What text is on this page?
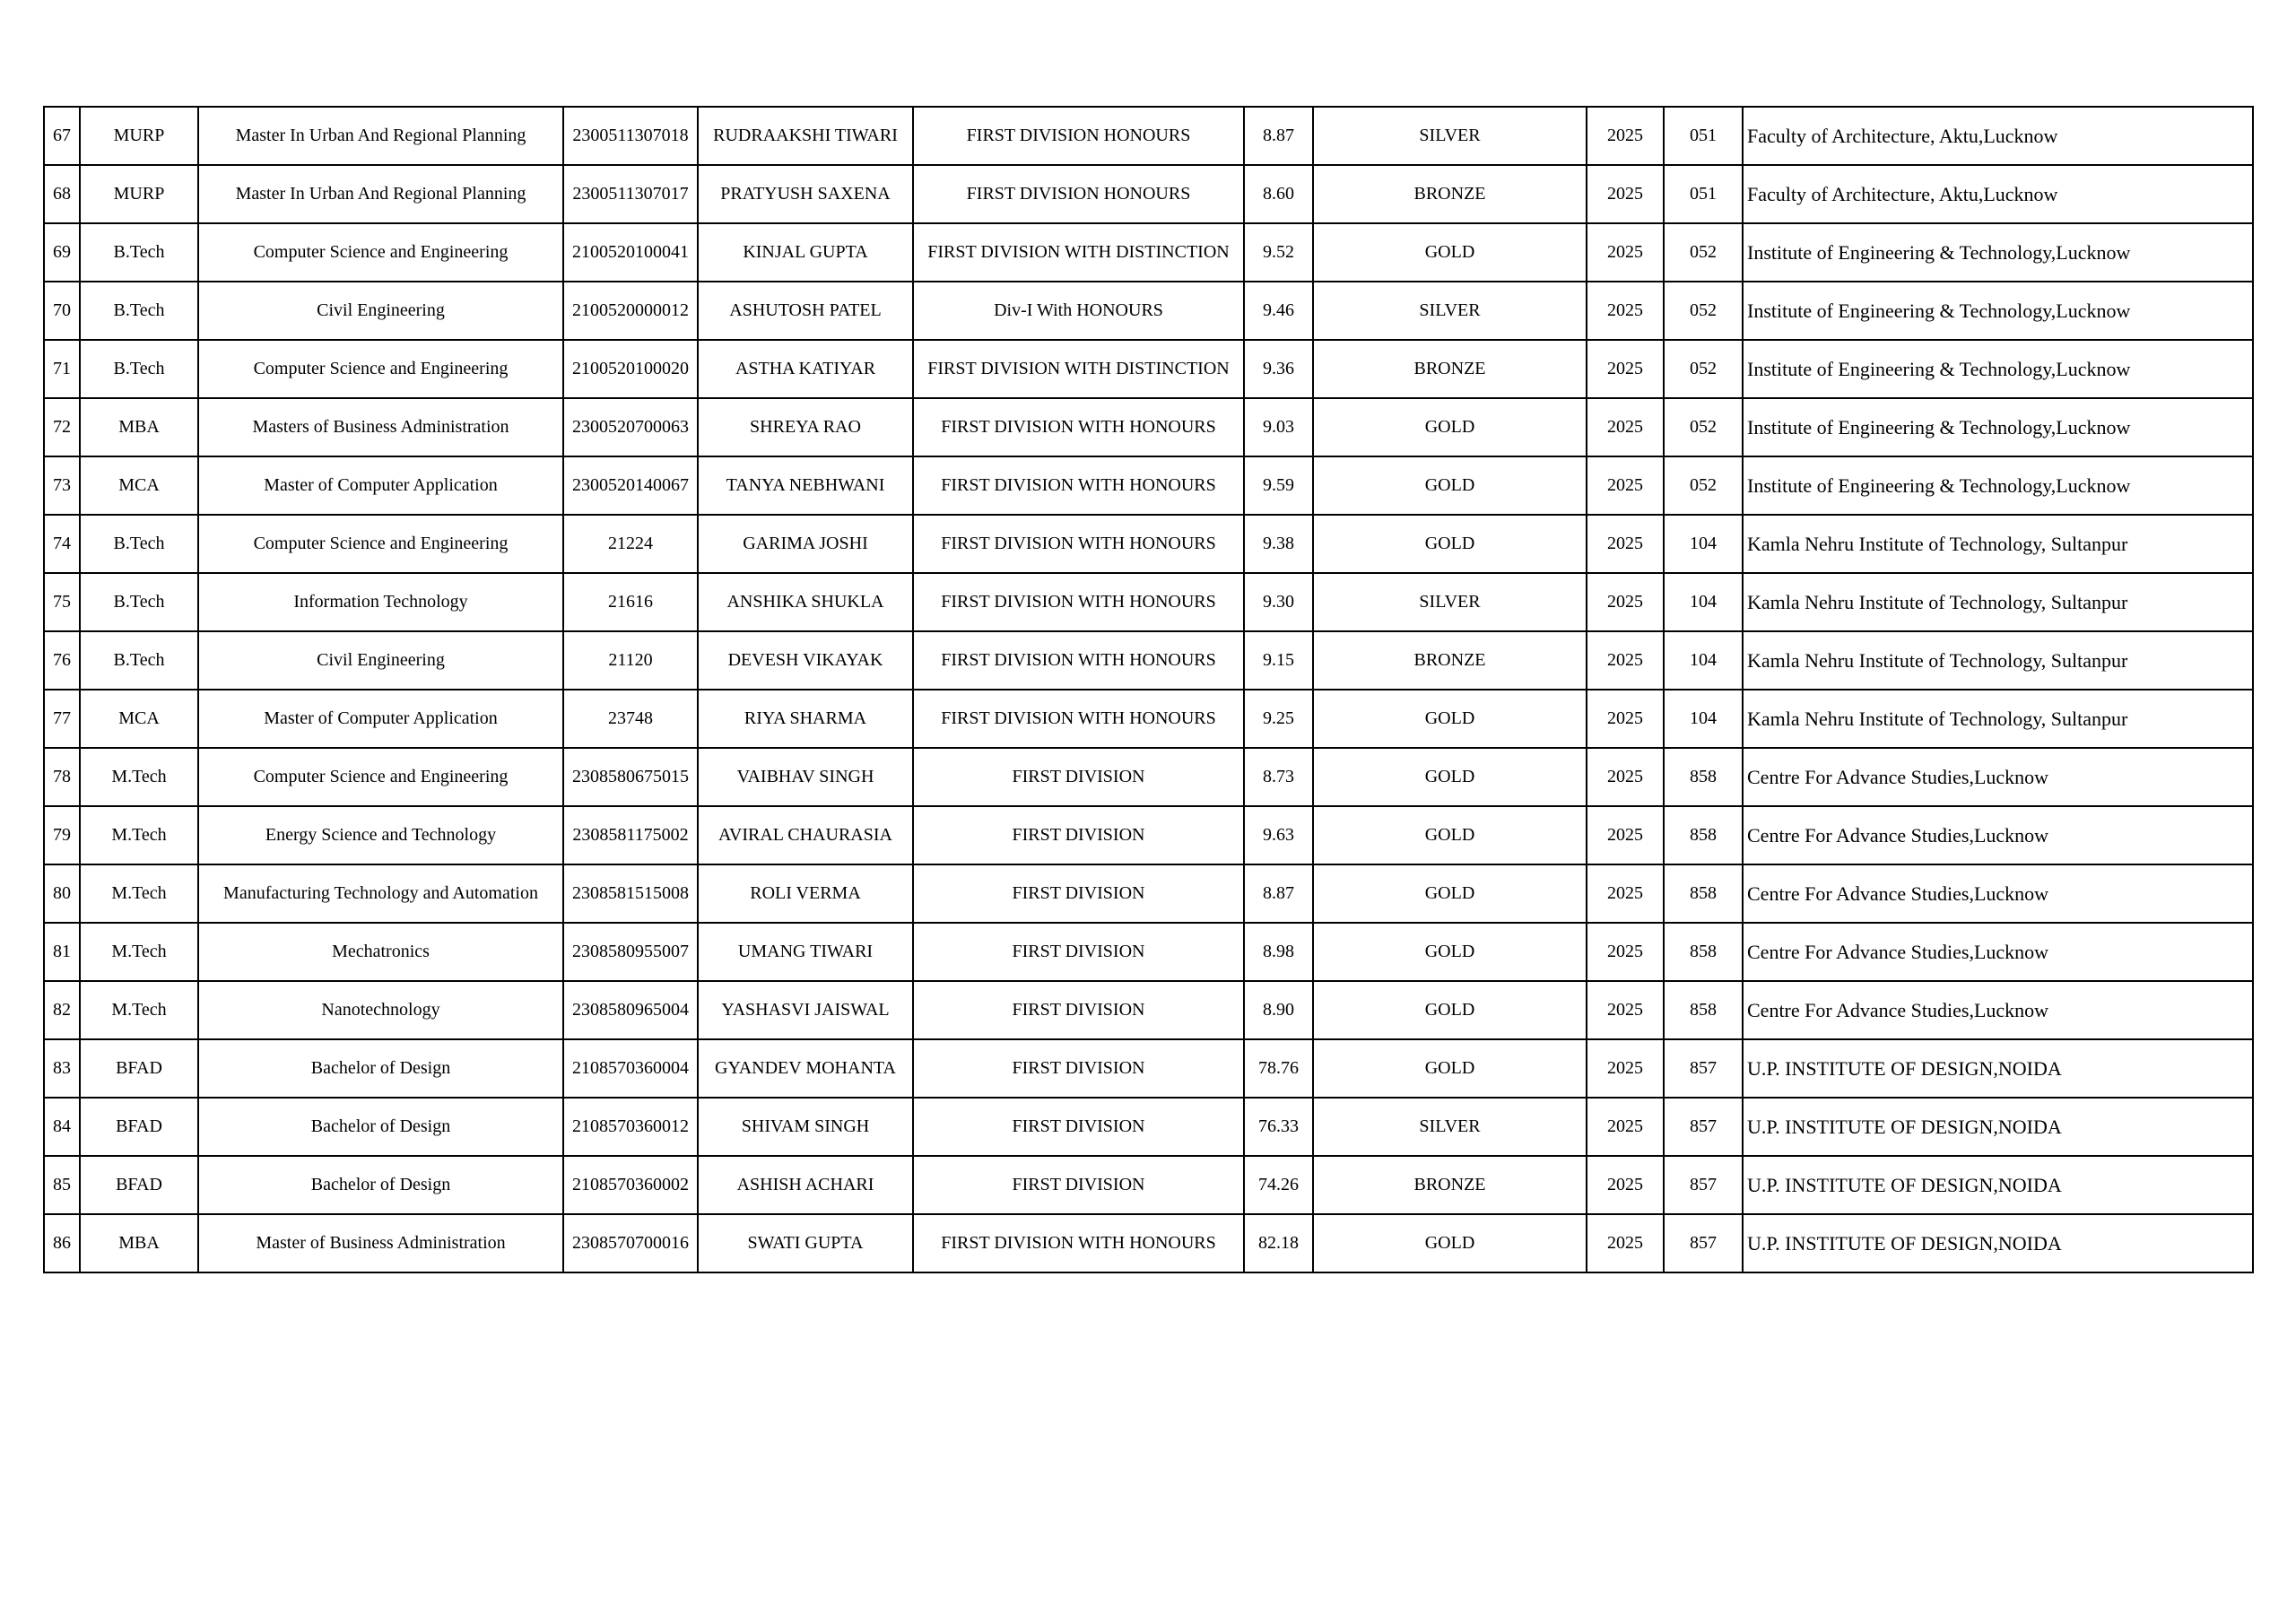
67	MURP	Master In Urban And Regional Planning	2300511307018	RUDRAAKSHI TIWARI	FIRST DIVISION HONOURS	8.87	SILVER	2025	051	Faculty of Architecture, Aktu,Lucknow
68	MURP	Master In Urban And Regional Planning	2300511307017	PRATYUSH SAXENA	FIRST DIVISION HONOURS	8.60	BRONZE	2025	051	Faculty of Architecture, Aktu,Lucknow
69	B.Tech	Computer Science and Engineering	2100520100041	KINJAL GUPTA	FIRST DIVISION WITH DISTINCTION	9.52	GOLD	2025	052	Institute of Engineering & Technology,Lucknow
70	B.Tech	Civil Engineering	2100520000012	ASHUTOSH PATEL	Div-I With HONOURS	9.46	SILVER	2025	052	Institute of Engineering & Technology,Lucknow
71	B.Tech	Computer Science and Engineering	2100520100020	ASTHA KATIYAR	FIRST DIVISION WITH DISTINCTION	9.36	BRONZE	2025	052	Institute of Engineering & Technology,Lucknow
72	MBA	Masters of Business Administration	2300520700063	SHREYA RAO	FIRST DIVISION WITH HONOURS	9.03	GOLD	2025	052	Institute of Engineering & Technology,Lucknow
73	MCA	Master of Computer Application	2300520140067	TANYA NEBHWANI	FIRST DIVISION WITH HONOURS	9.59	GOLD	2025	052	Institute of Engineering & Technology,Lucknow
74	B.Tech	Computer Science and Engineering	21224	GARIMA JOSHI	FIRST DIVISION WITH HONOURS	9.38	GOLD	2025	104	Kamla Nehru Institute of Technology, Sultanpur
75	B.Tech	Information Technology	21616	ANSHIKA SHUKLA	FIRST DIVISION WITH HONOURS	9.30	SILVER	2025	104	Kamla Nehru Institute of Technology, Sultanpur
76	B.Tech	Civil Engineering	21120	DEVESH VIKAYAK	FIRST DIVISION WITH HONOURS	9.15	BRONZE	2025	104	Kamla Nehru Institute of Technology, Sultanpur
77	MCA	Master of Computer Application	23748	RIYA SHARMA	FIRST DIVISION WITH HONOURS	9.25	GOLD	2025	104	Kamla Nehru Institute of Technology, Sultanpur
78	M.Tech	Computer Science and Engineering	2308580675015	VAIBHAV SINGH	FIRST DIVISION	8.73	GOLD	2025	858	Centre For Advance Studies,Lucknow
79	M.Tech	Energy Science and Technology	2308581175002	AVIRAL CHAURASIA	FIRST DIVISION	9.63	GOLD	2025	858	Centre For Advance Studies,Lucknow
80	M.Tech	Manufacturing Technology and Automation	2308581515008	ROLI VERMA	FIRST DIVISION	8.87	GOLD	2025	858	Centre For Advance Studies,Lucknow
81	M.Tech	Mechatronics	2308580955007	UMANG TIWARI	FIRST DIVISION	8.98	GOLD	2025	858	Centre For Advance Studies,Lucknow
82	M.Tech	Nanotechnology	2308580965004	YASHASVI JAISWAL	FIRST DIVISION	8.90	GOLD	2025	858	Centre For Advance Studies,Lucknow
83	BFAD	Bachelor of Design	2108570360004	GYANDEV MOHANTA	FIRST DIVISION	78.76	GOLD	2025	857	U.P. INSTITUTE OF DESIGN,NOIDA
84	BFAD	Bachelor of Design	2108570360012	SHIVAM SINGH	FIRST DIVISION	76.33	SILVER	2025	857	U.P. INSTITUTE OF DESIGN,NOIDA
85	BFAD	Bachelor of Design	2108570360002	ASHISH ACHARI	FIRST DIVISION	74.26	BRONZE	2025	857	U.P. INSTITUTE OF DESIGN,NOIDA
86	MBA	Master of Business Administration	2308570700016	SWATI GUPTA	FIRST DIVISION WITH HONOURS	82.18	GOLD	2025	857	U.P. INSTITUTE OF DESIGN,NOIDA
